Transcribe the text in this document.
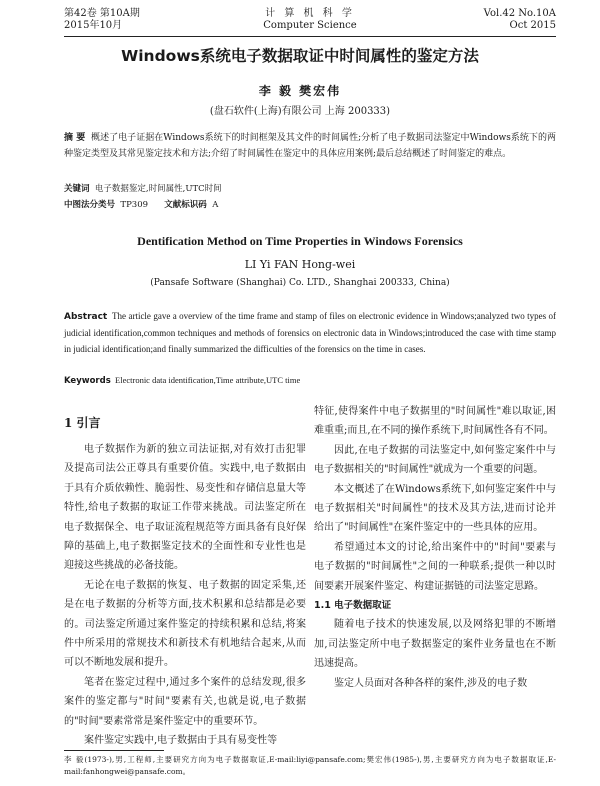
第42卷 第10A期
2015年10月
计 算 机 科 学
Computer Science
Vol.42 No.10A
Oct 2015
Windows系统电子数据取证中时间属性的鉴定方法
李 毅 樊宏伟
(盘石软件(上海)有限公司 上海 200333)
摘 要 概述了电子证据在Windows系统下的时间框架及其文件的时间属性;分析了电子数据司法鉴定中Windows系统下的两种鉴定类型及其常见鉴定技术和方法;介绍了时间属性在鉴定中的具体应用案例;最后总结概述了时间鉴定的难点。
关键词 电子数据鉴定,时间属性,UTC时间
中图法分类号 TP309 文献标识码 A
Dentification Method on Time Properties in Windows Forensics
LI Yi FAN Hong-wei
(Pansafe Software (Shanghai) Co. LTD., Shanghai 200333, China)
Abstract The article gave a overview of the time frame and stamp of files on electronic evidence in Windows;analyzed two types of judicial identification,common techniques and methods of forensics on electronic data in Windows;introduced the case with time stamp in judicial identification;and finally summarized the difficulties of the forensics on the time in cases.
Keywords Electronic data identification,Time attribute,UTC time
1 引言

电子数据作为新的独立司法证据,对有效打击犯罪及提高司法公正尊具有重要价值。实践中,电子数据由于具有介质依赖性、脆弱性、易变性和存储信息量大等特性,给电子数据的取证工作带来挑战。司法鉴定所在电子数据保全、电子取证流程规范等方面具备有良好保障的基础上,电子数据鉴定技术的全面性和专业性也是迎接这些挑战的必备技能。

无论在电子数据的恢复、电子数据的固定采集,还是在电子数据的分析等方面,技术积累和总结都是必要的。司法鉴定所通过案件鉴定的持续积累和总结,将案件中所采用的常规技术和新技术有机地结合起来,从而可以不断地发展和提升。

笔者在鉴定过程中,通过多个案件的总结发现,很多案件的鉴定都与"时间"要素有关,也就是说,电子数据的"时间"要素常常是案件鉴定中的重要环节。

案件鉴定实践中,电子数据由于具有易变性等

特征,使得案件中电子数据里的"时间属性"难以取证,困难重重;而且,在不同的操作系统下,时间属性各有不同。

因此,在电子数据的司法鉴定中,如何鉴定案件中与电子数据相关的"时间属性"就成为一个重要的问题。

本文概述了在Windows系统下,如何鉴定案件中与电子数据相关"时间属性"的技术及其方法,进而讨论并给出了"时间属性"在案件鉴定中的一些具体的应用。

希望通过本文的讨论,给出案件中的"时间"要素与电子数据的"时间属性"之间的一种联系;提供一种以时间要素开展案件鉴定、构建证据链的司法鉴定思路。

1.1 电子数据取证

随着电子技术的快速发展,以及网络犯罪的不断增加,司法鉴定所中电子数据鉴定的案件业务量也在不断迅速提高。

鉴定人员面对各种各样的案件,涉及的电子数

李 毅(1973-),男,工程师,主要研究方向为电子数据取证,E-mail:liyi@pansafe.com;樊宏伟(1985-),男,主要研究方向为电子数据取证,E-mail:fanhongwei@pansafe.com。
